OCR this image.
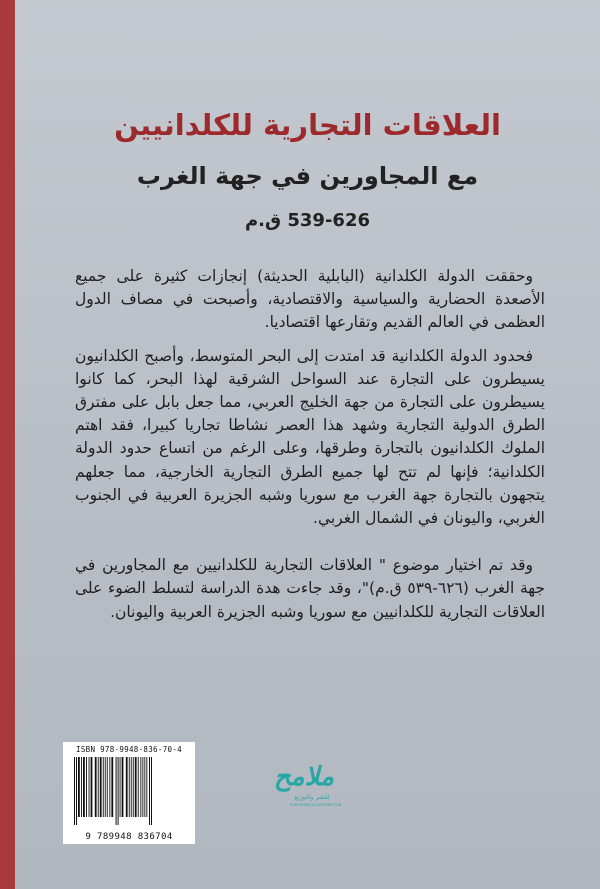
العلاقات التجارية للكلدانيين
مع المجاورين في جهة الغرب
539-626 ق.م

وحققت الدولة الكلدانية (البابلية الحديثة) إنجازات كثيرة على جميع الأصعدة الحضارية والسياسية والاقتصادية، وأصبحت في مصاف الدول العظمى في العالم القديم وتقارعها اقتصاديا.

فحدود الدولة الكلدانية قد امتدت إلى البحر المتوسط، وأصبح الكلدانيون يسيطرون على التجارة عند السواحل الشرقية لهذا البحر، كما كانوا يسيطرون على التجارة من جهة الخليج العربي، مما جعل بابل على مفترق الطرق الدولية التجارية وشهد هذا العصر نشاطا تجاريا كبيرا، فقد اهتم الملوك الكلدانيون بالتجارة وطرقها، وعلى الرغم من اتساع حدود الدولة الكلدانية؛ فإنها لم تتح لها جميع الطرق التجارية الخارجية، مما جعلهم يتجهون بالتجارة جهة الغرب مع سوريا وشبه الجزيرة العربية في الجنوب الغربي، واليونان في الشمال الغربي.

وقد تم اختيار موضوع " العلاقات التجارية للكلدانيين مع المجاورين في جهة الغرب (٦٢٦-٥٣٩ ق.م)"، وقد جاءت هدة الدراسة لتسلط الضوء على العلاقات التجارية للكلدانيين مع سوريا وشبه الجزيرة العربية واليونان.

ISBN 978-9948-836-70-4
9 789948 836704
ملامح
للنشر والتوزيع
PUBLISHING & DISTRIBUTION
